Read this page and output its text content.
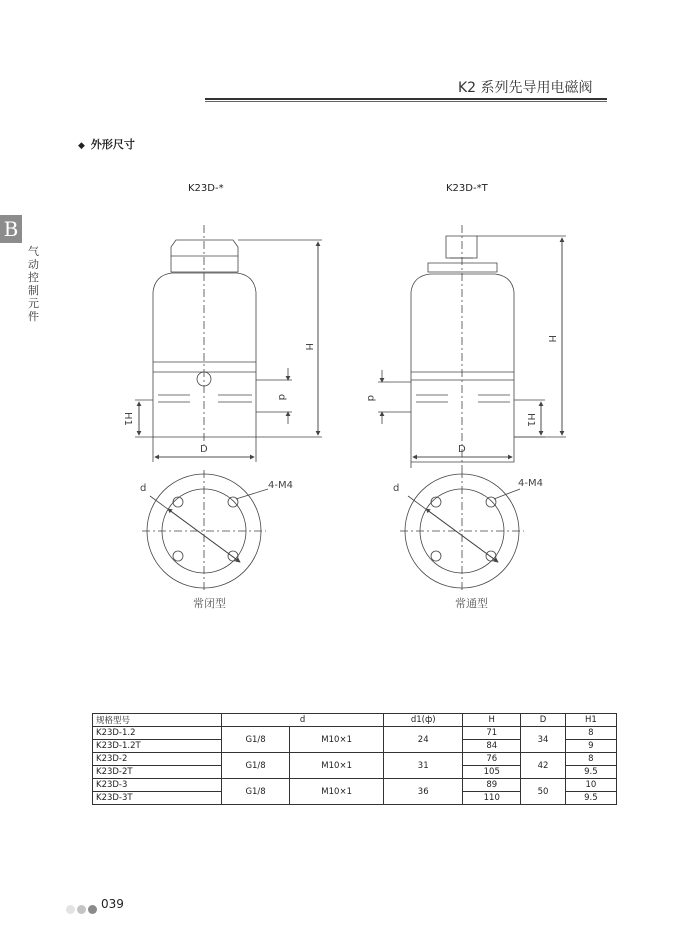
K2 系列先导用电磁阀
B
气动控制元件
◆ 外形尺寸
K23D-*	K23D-*T
H
d
H1
D
d	4-M4
H
d
H1
D
d	4-M4
常闭型	常通型
规格型号	d		d1(ф)	H	D	H1
K23D-1.2	G1/8	M10×1	24	71	34	8
K23D-1.2T				84		9
K23D-2	G1/8	M10×1	31	76	42	8
K23D-2T				105		9.5
K23D-3	G1/8	M10×1	36	89	50	10
K23D-3T				110		9.5
039
